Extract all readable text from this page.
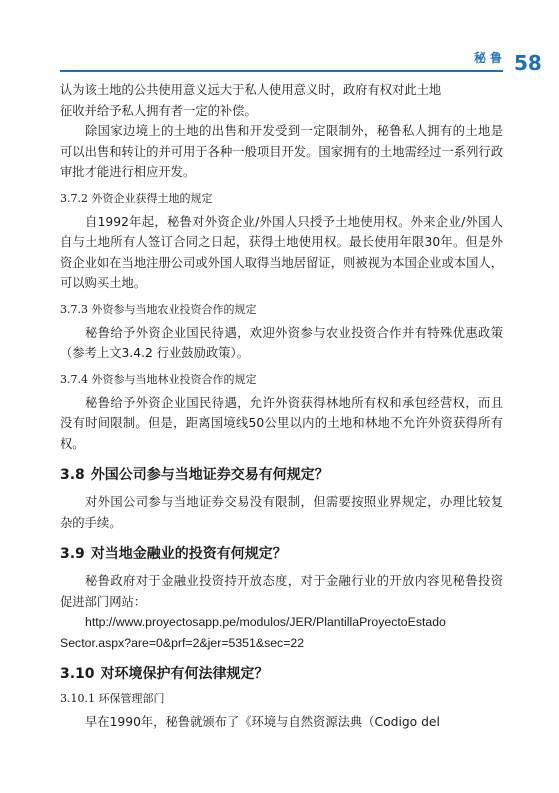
秘鲁 58

认为该土地的公共使用意义远大于私人使用意义时，政府有权对此土地
征收并给予私人拥有者一定的补偿。

除国家边境上的土地的出售和开发受到一定限制外，秘鲁私人拥有的土地是可以出售和转让的并可用于各种一般项目开发。国家拥有的土地需经过一系列行政审批才能进行相应开发。

3.7.2 外资企业获得土地的规定

自1992年起，秘鲁对外资企业/外国人只授予土地使用权。外来企业/外国人自与土地所有人签订合同之日起，获得土地使用权。最长使用年限30年。但是外资企业如在当地注册公司或外国人取得当地居留证，则被视为本国企业或本国人，可以购买土地。

3.7.3 外资参与当地农业投资合作的规定

秘鲁给予外资企业国民待遇，欢迎外资参与农业投资合作并有特殊优惠政策（参考上文3.4.2 行业鼓励政策）。

3.7.4 外资参与当地林业投资合作的规定

秘鲁给予外资企业国民待遇，允许外资获得林地所有权和承包经营权，而且没有时间限制。但是，距离国境线50公里以内的土地和林地不允许外资获得所有权。

3.8 外国公司参与当地证券交易有何规定？

对外国公司参与当地证券交易没有限制，但需要按照业界规定，办理比较复杂的手续。

3.9 对当地金融业的投资有何规定？

秘鲁政府对于金融业投资持开放态度，对于金融行业的开放内容见秘鲁投资促进部门网站：

http://www.proyectosapp.pe/modulos/JER/PlantillaProyectoEstado
Sector.aspx?are=0&prf=2&jer=5351&sec=22

3.10 对环境保护有何法律规定？
3.10.1 环保管理部门

早在1990年，秘鲁就颁布了《环境与自然资源法典（Codigo del
